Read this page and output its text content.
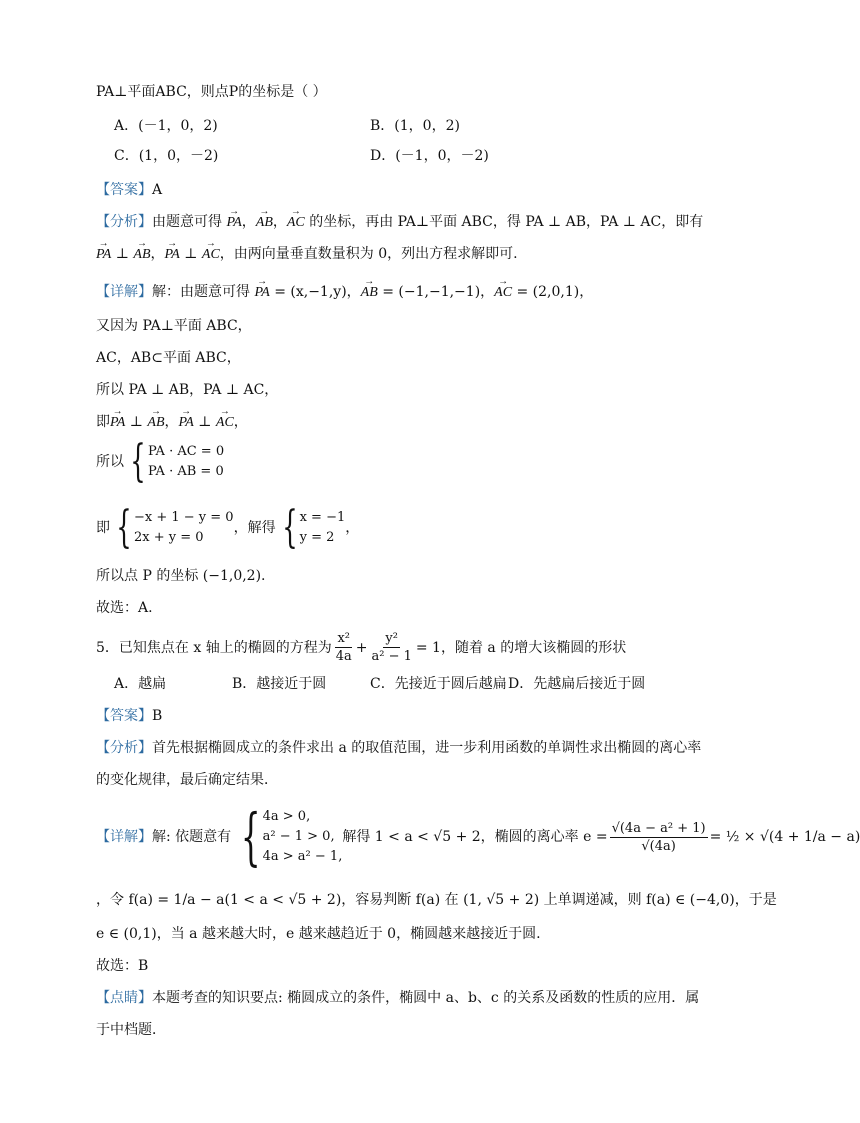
PA⊥平面ABC，则点P的坐标是（ ）
A．(－1，0，2)	B．(1，0，2)
C．(1，0，－2)	D．(－1，0，－2)
【答案】A
【分析】由题意可得 → PA，→ AB，→ AC 的坐标，再由 PA⊥平面 ABC，得 PA ⊥ AB，PA ⊥ AC，即有
→ PA ⊥ → AB，→ PA ⊥ → AC，由两向量垂直数量积为 0，列出方程求解即可.
【详解】解：由题意可得 → PA = (x,−1,y)，→ AB = (−1,−1,−1)，→ AC = (2,0,1)，
又因为 PA⊥平面 ABC，
AC，AB⊂平面 ABC，
所以 PA ⊥ AB，PA ⊥ AC，
即→ PA ⊥ → AB，→ PA ⊥ → AC，
所以 { PA · AC = 0
PA · AB = 0
即 { −x + 1 − y = 0
2x + y = 0
，解得 { x = −1
y = 2
，
所以点 P 的坐标 (−1,0,2).
故选：A.
5．已知焦点在 x 轴上的椭圆的方程为 $\frac{\text{x²}}{4a} + \frac{\text{y²}}{\text{a² − 1}} = 1$ ，随着 a 的增大该椭圆的形状
A．越扁	B．越接近于圆	C．先接近于圆后越扁 D．先越扁后接近于圆
【答案】B
【分析】首先根据椭圆成立的条件求出 a 的取值范围，进一步利用函数的单调性求出椭圆的离心率
的变化规律，最后确定结果．
【详解】 解: 依题意有 { 4a > 0,
a² − 1 > 0,
4a > a² − 1,
解得 1 < a < √5 + 2，椭圆的离心率 $e = \frac{\text{√(4a − a² + 1)}}{√(4a)}$ = ½ × √(4 + 1/a − a)
，令 f(a) = 1/a − a(1 < a < √5 + 2)，容易判断 f(a) 在 (1, √5 + 2) 上单调递减，则 f(a) ∈ (−4,0)，于是
e ∈ (0,1)，当 a 越来越大时，e 越来越趋近于 0，椭圆越来越接近于圆.
故选：B
【点睛】本题考查的知识要点: 椭圆成立的条件，椭圆中 a、b、c 的关系及函数的性质的应用．属
于中档题．
